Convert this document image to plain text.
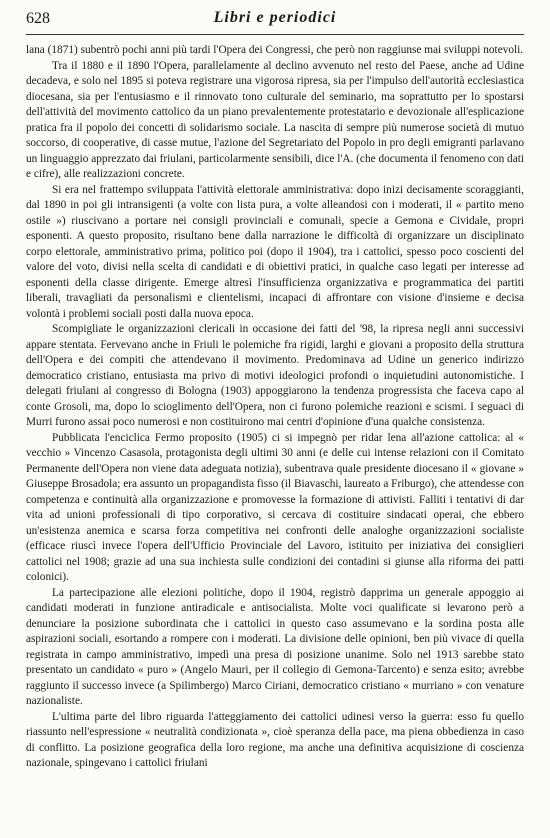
628	Libri e periodici

lana (1871) subentrò pochi anni più tardi l'Opera dei Congressi, che però non raggiunse mai sviluppi notevoli.

Tra il 1880 e il 1890 l'Opera, parallelamente al declino avvenuto nel resto del Paese, anche ad Udine decadeva, e solo nel 1895 si poteva registrare una vigorosa ripresa, sia per l'impulso dell'autorità ecclesiastica diocesana, sia per l'entusiasmo e il rinnovato tono culturale del seminario, ma soprattutto per lo spostarsi dell'attività del movimento cattolico da un piano prevalentemente protestatario e devozionale all'esplicazione pratica fra il popolo dei concetti di solidarismo sociale. La nascita di sempre più numerose società di mutuo soccorso, di cooperative, di casse mutue, l'azione del Segretariato del Popolo in pro degli emigranti parlavano un linguaggio apprezzato dai friulani, particolarmente sensibili, dice l'A. (che documenta il fenomeno con dati e cifre), alle realizzazioni concrete.

Si era nel frattempo sviluppata l'attività elettorale amministrativa: dopo inizi decisamente scoraggianti, dal 1890 in poi gli intransigenti (a volte con lista pura, a volte alleandosi con i moderati, il « partito meno ostile ») riuscivano a portare nei consigli provinciali e comunali, specie a Gemona e Cividale, propri esponenti. A questo proposito, risultano bene dalla narrazione le difficoltà di organizzare un disciplinato corpo elettorale, amministrativo prima, politico poi (dopo il 1904), tra i cattolici, spesso poco coscienti del valore del voto, divisi nella scelta di candidati e di obiettivi pratici, in qualche caso legati per interesse ad esponenti della classe dirigente. Emerge altresì l'insufficienza organizzativa e programmatica dei partiti liberali, travagliati da personalismi e clientelismi, incapaci di affrontare con visione d'insieme e decisa volontà i problemi sociali posti dalla nuova epoca.

Scompigliate le organizzazioni clericali in occasione dei fatti del '98, la ripresa negli anni successivi appare stentata. Fervevano anche in Friuli le polemiche fra rigidi, larghi e giovani a proposito della struttura dell'Opera e dei compiti che attendevano il movimento. Predominava ad Udine un generico indirizzo democratico cristiano, entusiasta ma privo di motivi ideologici profondi o inquietudini autonomistiche. I delegati friulani al congresso di Bologna (1903) appoggiarono la tendenza progressista che faceva capo al conte Grosoli, ma, dopo lo scioglimento dell'Opera, non ci furono polemiche reazioni e scismi. I seguaci di Murri furono assai poco numerosi e non costituirono mai centri d'opinione d'una qualche consistenza.

Pubblicata l'enciclica Fermo proposito (1905) ci si impegnò per ridar lena all'azione cattolica: al « vecchio » Vincenzo Casasola, protagonista degli ultimi 30 anni (e delle cui intense relazioni con il Comitato Permanente dell'Opera non viene data adeguata notizia), subentrava quale presidente diocesano il « giovane » Giuseppe Brosadola; era assunto un propagandista fisso (il Biavaschi, laureato a Friburgo), che attendesse con competenza e continuità alla organizzazione e promovesse la formazione di attivisti. Falliti i tentativi di dar vita ad unioni professionali di tipo corporativo, si cercava di costituire sindacati operai, che ebbero un'esistenza anemica e scarsa forza competitiva nei confronti delle analoghe organizzazioni socialiste (efficace riuscì invece l'opera dell'Ufficio Provinciale del Lavoro, istituito per iniziativa dei consiglieri cattolici nel 1908; grazie ad una sua inchiesta sulle condizioni dei contadini si giunse alla riforma dei patti colonici).

La partecipazione alle elezioni politiche, dopo il 1904, registrò dapprima un generale appoggio ai candidati moderati in funzione antiradicale e antisocialista. Molte voci qualificate si levarono però a denunciare la posizione subordinata che i cattolici in questo caso assumevano e la sordina posta alle aspirazioni sociali, esortando a rompere con i moderati. La divisione delle opinioni, ben più vivace di quella registrata in campo amministrativo, impedì una presa di posizione unanime. Solo nel 1913 sarebbe stato presentato un candidato « puro » (Angelo Mauri, per il collegio di Gemona-Tarcento) e senza esito; avrebbe raggiunto il successo invece (a Spilimbergo) Marco Ciriani, democratico cristiano « murriano » con venature nazionaliste.

L'ultima parte del libro riguarda l'atteggiamento dei cattolici udinesi verso la guerra: esso fu quello riassunto nell'espressione « neutralità condizionata », cioè speranza della pace, ma piena obbedienza in caso di conflitto. La posizione geografica della loro regione, ma anche una definitiva acquisizione di coscienza nazionale, spingevano i cattolici friulani
